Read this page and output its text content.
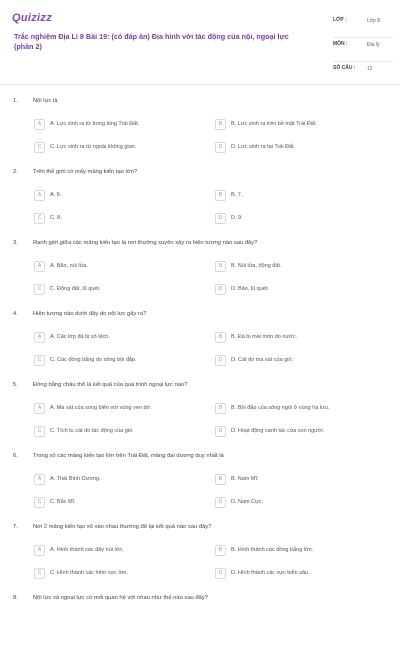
Quizizz
Trắc nghiệm Địa Lí 8 Bài 19: (có đáp án) Địa hình với tác động của nội, ngoại lực (phần 2)
LỚP :	Lớp 8
MÔN :	Địa lý
SỐ CÂU :	12
1.	Nội lực là
A	A. Lực sinh ra từ trong lòng Trái Đất.	B	B. Lực sinh ra trên bề mặt Trái Đất.
C	C. Lực sinh ra từ ngoài không gian.	D	D. Lực sinh ra tại Trái Đất.
2.	Trên thế giới có mấy mảng kiến tạo lớn?
A	A. 6.	B	B. 7.
C	C. 8.	D	D. 9.
3.	Ranh giới giữa các mảng kiến tạo là nơi thường xuyên xảy ra hiện tượng nào sau đây?
A	A. Bão, núi lửa.	B	B. Núi lửa, động đất.
C	C. Động đất, lũ quét.	D	D. Bão, lũ quét.
4.	Hiện tượng nào dưới đây do nội lực gây ra?
A	A. Các lớp đá bị xô lệch.	B	B. Đá bị mài mòn do nước.
C	C. Các đồng bằng do sông bồi đắp.	D	D. Cát do ma sát của gió.
5.	Đồng bằng châu thổ là kết quả của quá trình ngoại lực nào?
A	A. Ma sát của sóng biển với vùng ven bờ.	B	B. Bồi đắp của sông ngòi ở vùng hạ lưu.
C	C. Tích tụ cát do tác động của gió.	D	D. Hoạt động canh tác của con người.
6.	Trong số các mảng kiến tạo lớn trên Trái Đất, mảng đại dương duy nhất là
A	A. Thái Bình Dương.	B	B. Nam Mĩ.
C	C. Bắc Mĩ.	D	D. Nam Cực.
7.	Nơi 2 mảng kiến tạo xô vào nhau thường để lại kết quả nào sau đây?
A	A. Hình thành các dãy núi lớn.	B	B. Hình thành các đồng bằng lớn.
C	C. Hình thành các hẻm vực lớn.	D	D. Hình thành các vực biển sâu.
8.	Nội lực và ngoại lực có mối quan hệ với nhau như thế nào sau đây?
